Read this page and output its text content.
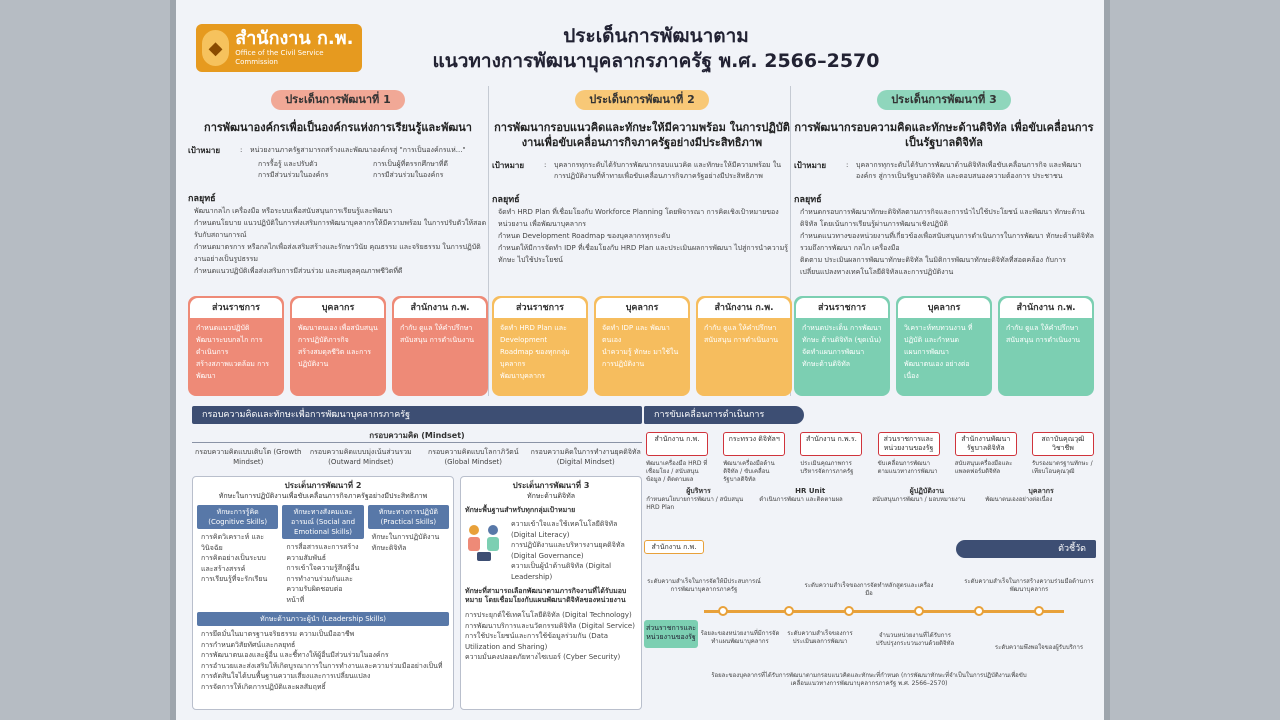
◆ สำนักงาน ก.พ.
Office of the Civil Service Commission
ประเด็นการพัฒนาตาม
แนวทางการพัฒนาบุคลากรภาครัฐ พ.ศ. 2566–2570
ประเด็นการพัฒนาที่ 1
การพัฒนาองค์กรเพื่อเป็นองค์กรแห่งการเรียนรู้และพัฒนา
เป้าหมาย	:	หน่วยงานภาครัฐสามารถสร้างและพัฒนาองค์กรสู่ "การเป็นองค์กรแห่..."
การรื้อรู้ และปรับตัว	การเป็นผู้ที่ตรรกศึกษาที่ดี
การมีส่วนร่วมในองค์กร	การมีส่วนร่วมในองค์กร
กลยุทธ์
พัฒนากลไก เครื่องมือ หรือระบบเพื่อสนับสนุนการเรียนรู้และพัฒนา
กำหนดนโยบาย แนวปฏิบัติในการส่งเสริมการพัฒนาบุคลากรให้มีความพร้อม ในการปรับตัวให้สอดรับกับสถานการณ์
กำหนดมาตรการ หรือกลไกเพื่อส่งเสริมสร้างและรักษาวินัย คุณธรรม และจริยธรรม ในการปฏิบัติงานอย่างเป็นรูปธรรม
กำหนดแนวปฏิบัติเพื่อส่งเสริมการมีส่วนร่วม และสมดุลคุณภาพชีวิตที่ดี
ส่วนราชการ
กำหนดแนวปฏิบัติ
พัฒนาระบบกลไก การดำเนินการ
สร้างสภาพแวดล้อม การพัฒนา
บุคลากร
พัฒนาตนเอง เพื่อสนับสนุน การปฏิบัติภารกิจ
สร้างสมดุลชีวิต และการปฏิบัติงาน
สำนักงาน ก.พ.
กำกับ ดูแล ให้คำปรึกษา
สนับสนุน การดำเนินงาน
ประเด็นการพัฒนาที่ 2
การพัฒนากรอบแนวคิดและทักษะให้มีความพร้อม ในการปฏิบัติงานเพื่อขับเคลื่อนภารกิจภาครัฐอย่างมีประสิทธิภาพ
เป้าหมาย	:	บุคลากรทุกระดับได้รับการพัฒนากรอบแนวคิด และทักษะให้มีความพร้อม ในการปฏิบัติงานที่ท้าทายเพื่อขับเคลื่อนภารกิจภาครัฐอย่างมีประสิทธิภาพ
กลยุทธ์
จัดทำ HRD Plan ที่เชื่อมโยงกับ Workforce Planning โดยพิจารณา การคิดเชิงเป้าหมายของหน่วยงาน เพื่อพัฒนาบุคลากร
กำหนด Development Roadmap ของบุคลากรทุกระดับ
กำหนดให้มีการจัดทำ IDP ที่เชื่อมโยงกับ HRD Plan และประเมินผลการพัฒนา ไปสู่การนำความรู้ ทักษะ ไปใช้ประโยชน์
ส่วนราชการ
จัดทำ HRD Plan และ Development Roadmap ของทุกกลุ่มบุคลากร
พัฒนาบุคลากร
บุคลากร
จัดทำ IDP และ พัฒนาตนเอง
นำความรู้ ทักษะ มาใช้ในการปฏิบัติงาน
สำนักงาน ก.พ.
กำกับ ดูแล ให้คำปรึกษา
สนับสนุน การดำเนินงาน
ประเด็นการพัฒนาที่ 3
การพัฒนากรอบความคิดและทักษะด้านดิจิทัล เพื่อขับเคลื่อนการเป็นรัฐบาลดิจิทัล
เป้าหมาย	:	บุคลากรทุกระดับได้รับการพัฒนาด้านดิจิทัลเพื่อขับเคลื่อนภารกิจ และพัฒนาองค์กร สู่การเป็นรัฐบาลดิจิทัล และตอบสนองความต้องการ ประชาชน
กลยุทธ์
กำหนดกรอบการพัฒนาทักษะดิจิทัลตามภารกิจและการนำไปใช้ประโยชน์ และพัฒนา ทักษะด้านดิจิทัล โดยเน้นการเรียนรู้ผ่านการพัฒนาเชิงปฏิบัติ
กำหนดแนวทางของหน่วยงานที่เกี่ยวข้องเพื่อสนับสนุนการดำเนินการในการพัฒนา ทักษะด้านดิจิทัล รวมถึงการพัฒนา กลไก เครื่องมือ
ติดตาม ประเมินผลการพัฒนาทักษะดิจิทัล ในมิติการพัฒนาทักษะดิจิทัลที่สอดคล้อง กับการเปลี่ยนแปลงทางเทคโนโลยีดิจิทัลและการปฏิบัติงาน
ส่วนราชการ
กำหนดประเด็น การพัฒนาทักษะ ด้านดิจิทัล (ขุดเน้น)
จัดทำแผนการพัฒนา ทักษะด้านดิจิทัล
บุคลากร
วิเคราะห์ทบทวนงาน ที่ปฏิบัติ และกำหนด แผนการพัฒนา
พัฒนาตนเอง อย่างต่อเนื่อง
สำนักงาน ก.พ.
กำกับ ดูแล ให้คำปรึกษา
สนับสนุน การดำเนินงาน
กรอบความคิดและทักษะเพื่อการพัฒนาบุคลากรภาครัฐ
กรอบความคิด (Mindset)
กรอบความคิดแบบเติบโต (Growth Mindset)
กรอบความคิดแบบมุ่งเน้นส่วนรวม (Outward Mindset)
กรอบความคิดแบบโลกาภิวัตน์ (Global Mindset)
กรอบความคิดในการทำงานยุคดิจิทัล (Digital Mindset)
ประเด็นการพัฒนาที่ 2
ทักษะในการปฏิบัติงานเพื่อขับเคลื่อนภารกิจภาครัฐอย่างมีประสิทธิภาพ
ทักษะการรู้คิด (Cognitive Skills)
การคิดวิเคราะห์ และวินิจฉัย
การคิดอย่างเป็นระบบ และสร้างสรรค์
การเรียนรู้ที่จะรักเรียน
ทักษะทางสังคมและอารมณ์ (Social and Emotional Skills)
การสื่อสารและการสร้างความสัมพันธ์
การเข้าใจความรู้สึกผู้อื่น
การทำงานร่วมกันและความรับผิดชอบต่อหน้าที่
ทักษะทางการปฏิบัติ (Practical Skills)
ทักษะในการปฏิบัติงาน
ทักษะดิจิทัล
ทักษะด้านภาวะผู้นำ (Leadership Skills)
การยึดมั่นในมาตรฐานจริยธรรม ความเป็นมืออาชีพ
การกำหนดวิสัยทัศน์และกลยุทธ์
การพัฒนาตนเองและผู้อื่น และชี้ทางให้ผู้อื่นมีส่วนร่วมในองค์กร
การอำนวยและส่งเสริมให้เกิดบูรณาการในการทำงานและความร่วมมืออย่างเป็นที่
การตัดสินใจได้บนพื้นฐานความเสี่ยงและการเปลี่ยนแปลง
การจัดการให้เกิดการปฏิบัติและผลสัมฤทธิ์
ประเด็นการพัฒนาที่ 3
ทักษะด้านดิจิทัล
ทักษะพื้นฐานสำหรับทุกกลุ่มเป้าหมาย
ความเข้าใจและใช้เทคโนโลยีดิจิทัล (Digital Literacy)
การปฏิบัติงานและบริหารงานยุคดิจิทัล (Digital Governance)
ความเป็นผู้นำด้านดิจิทัล (Digital Leadership)
ทักษะที่สามารถเลือกพัฒนาตามภารกิจงานที่ได้รับมอบหมาย โดยเชื่อมโยงกับแผนพัฒนาดิจิทัลของหน่วยงาน
การประยุกต์ใช้เทคโนโลยีดิจิทัล (Digital Technology)
การพัฒนาบริการและนวัตกรรมดิจิทัล (Digital Service)
การใช้ประโยชน์และการใช้ข้อมูลร่วมกัน (Data Utilization and Sharing)
ความมั่นคงปลอดภัยทางไซเบอร์ (Cyber Security)
การขับเคลื่อนการดำเนินการ
สำนักงาน ก.พ.
พัฒนาเครื่องมือ HRD ที่เชื่อมโยง / สนับสนุนข้อมูล / ติดตามผล
กระทรวง ดิจิทัลฯ
พัฒนาเครื่องมือด้านดิจิทัล / ขับเคลื่อนรัฐบาลดิจิทัล
สำนักงาน ก.พ.ร.
ประเมินคุณภาพการบริหารจัดการภาครัฐ
ส่วนราชการและหน่วยงานของรัฐ
ขับเคลื่อนการพัฒนาตามแนวทางการพัฒนา
สำนักงานพัฒนารัฐบาลดิจิทัล
สนับสนุนเครื่องมือและแพลตฟอร์มดิจิทัล
สถาบันคุณวุฒิวิชาชีพ
รับรองมาตรฐานทักษะ / เทียบโอนคุณวุฒิ
ผู้บริหาร	HR Unit	ผู้ปฏิบัติงาน	บุคลากร
กำหนดนโยบายการพัฒนา / สนับสนุน HRD Plan
ดำเนินการพัฒนา และติดตามผล	สนับสนุนการพัฒนา / มอบหมายงาน	พัฒนาตนเองอย่างต่อเนื่อง
ตัวชี้วัด
สำนักงาน ก.พ.
ระดับความสำเร็จในการจัดให้มีประสบการณ์ การพัฒนาบุคลากรภาครัฐ
ระดับความสำเร็จของการจัดทำหลักสูตรและเครื่องมือ
ระดับความสำเร็จในการสร้างความร่วมมือด้านการพัฒนาบุคลากร
ส่วนราชการและหน่วยงานของรัฐ ร้อยละของหน่วยงานที่มีการจัดทำแผนพัฒนาบุคลากร
ระดับความสำเร็จของการประเมินผลการพัฒนา
จำนวนหน่วยงานที่ได้รับการปรับปรุงกระบวนงานด้วยดิจิทัล
ระดับความพึงพอใจของผู้รับบริการ
ร้อยละของบุคลากรที่ได้รับการพัฒนาตามกรอบแนวคิดและทักษะที่กำหนด (การพัฒนาทักษะที่จำเป็นในการปฏิบัติงานเพื่อขับเคลื่อนแนวทางการพัฒนาบุคลากรภาครัฐ พ.ศ. 2566–2570)
